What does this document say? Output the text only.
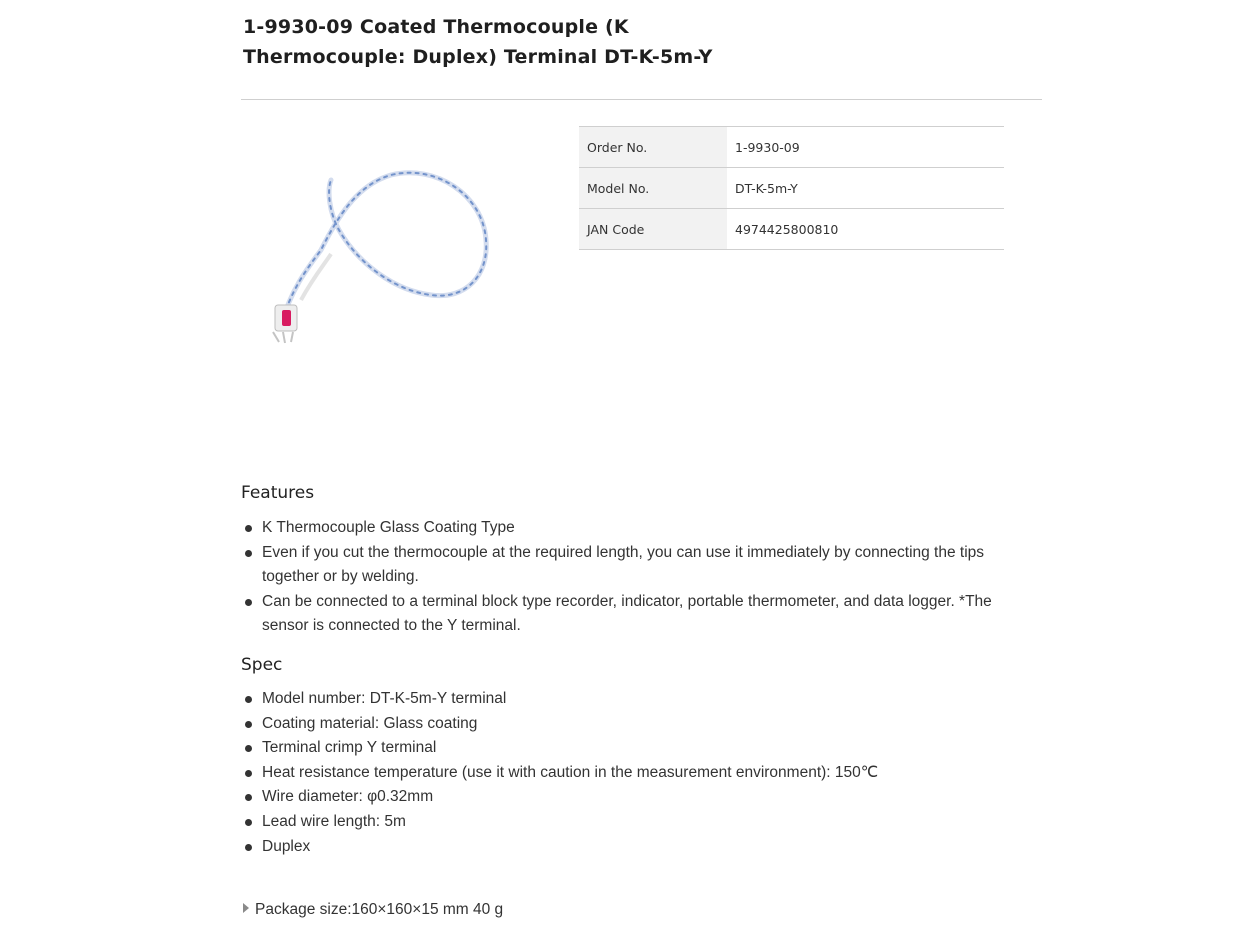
1-9930-09 Coated Thermocouple (K
Thermocouple: Duplex) Terminal DT-K-5m-Y
Order No.	1-9930-09
Model No.	DT-K-5m-Y
JAN Code	4974425800810
Features
K Thermocouple Glass Coating Type
Even if you cut the thermocouple at the required length, you can use it immediately by connecting the tips together or by welding.
Can be connected to a terminal block type recorder, indicator, portable thermometer, and data logger. *The sensor is connected to the Y terminal.
Spec
Model number: DT-K-5m-Y terminal
Coating material: Glass coating
Terminal crimp Y terminal
Heat resistance temperature (use it with caution in the measurement environment): 150℃
Wire diameter: φ0.32mm
Lead wire length: 5m
Duplex
Package size:160×160×15 mm 40 g
